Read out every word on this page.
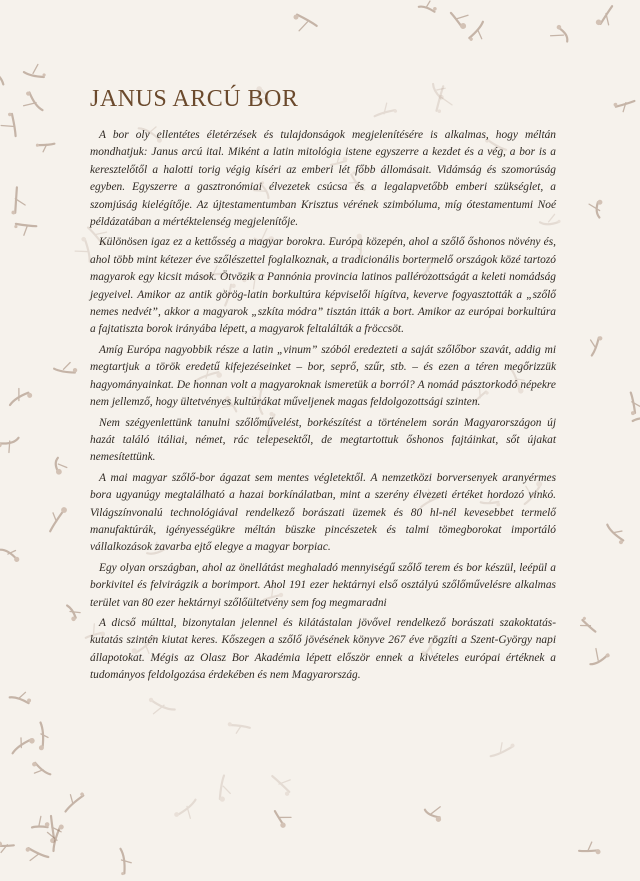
JANUS ARCÚ BOR

A bor oly ellentétes életérzések és tulajdonságok megjelenítésére is alkalmas, hogy méltán mondhatjuk: Janus arcú ital. Miként a latin mitológia istene egyszerre a kezdet és a vég, a bor is a keresztelőtől a halotti torig végig kíséri az emberi lét főbb állomásait. Vidámság és szomorúság egyben. Egyszerre a gasztronómiai élvezetek csúcsa és a legalapvetőbb emberi szükséglet, a szomjúság kielégítője. Az újtestamentumban Krisztus vérének szimbóluma, míg ótestamentumi Noé példázatában a mértéktelenség megjelenítője.

Különösen igaz ez a kettősség a magyar borokra. Európa közepén, ahol a szőlő őshonos növény és, ahol több mint kétezer éve szőlészettel foglalkoznak, a tradicionális bortermelő országok közé tartozó magyarok egy kicsit mások. Ötvözik a Pannónia provincia latinos pallérozottságát a keleti nomádság jegyeivel. Amikor az antik görög-latin borkultúra képviselői hígítva, keverve fogyasztották a „szőlő nemes nedvét”, akkor a magyarok „szkíta módra” tisztán itták a bort. Amikor az európai borkultúra a fajtatiszta borok irányába lépett, a magyarok feltalálták a fröccsöt.

Amíg Európa nagyobbik része a latin „vinum” szóból eredezteti a saját szőlőbor szavát, addig mi megtartjuk a török eredetű kifejezéseinket – bor, seprő, szűr, stb. – és ezen a téren megőrizzük hagyományainkat. De honnan volt a magyaroknak ismeretük a borról? A nomád pásztorkodó népekre nem jellemző, hogy ültetvényes kultúrákat műveljenek magas feldolgozottsági szinten.

Nem szégyenlettünk tanulni szőlőművelést, borkészítést a történelem során Magyarországon új hazát találó itáliai, német, rác telepesektől, de megtartottuk őshonos fajtáinkat, sőt újakat nemesítettünk.

A mai magyar szőlő-bor ágazat sem mentes végletektől. A nemzetközi borversenyek aranyérmes bora ugyanúgy megtalálható a hazai borkínálatban, mint a szerény élvezeti értéket hordozó vinkó. Világszínvonalú technológiával rendelkező borászati üzemek és 80 hl-nél kevesebbet termelő manufaktúrák, igényességükre méltán büszke pincészetek és talmi tömegborokat importáló vállalkozások zavarba ejtő elegye a magyar borpiac.

Egy olyan országban, ahol az önellátást meghaladó mennyiségű szőlő terem és bor készül, leépül a borkivitel és felvirágzik a borimport. Ahol 191 ezer hektárnyi első osztályú szőlőművelésre alkalmas terület van 80 ezer hektárnyi szőlőültetvény sem fog megmaradni

A dicső múlttal, bizonytalan jelennel és kilátástalan jövővel rendelkező borászati szakoktatás-kutatás szintén kiutat keres. Kőszegen a szőlő jövésének könyve 267 éve rögzíti a Szent-György napi állapotokat. Mégis az Olasz Bor Akadémia lépett először ennek a kivételes európai értéknek a tudományos feldolgozása érdekében és nem Magyarország.
